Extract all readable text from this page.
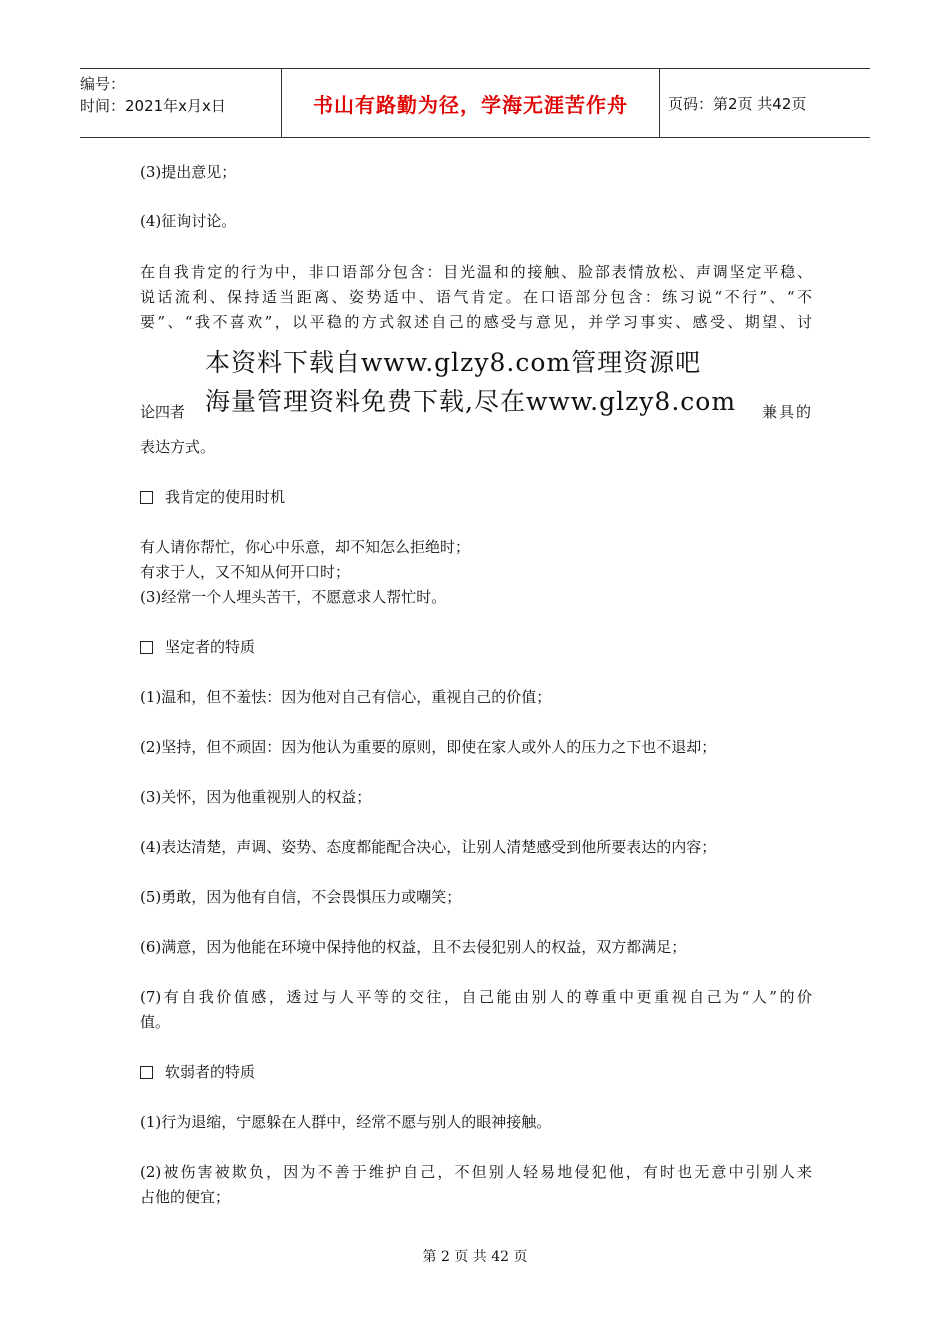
编号：
时间：2021年x月x日	书山有路勤为径，学海无涯苦作舟	页码：第2页 共42页
(3)提出意见；
(4)征询讨论。
在自我肯定的行为中，非口语部分包含：目光温和的接触、脸部表情放松、声调坚定平稳、
说话流利、保持适当距离、姿势适中、语气肯定。在口语部分包含：练习说“不行”、“不
要”、“我不喜欢”，以平稳的方式叙述自己的感受与意见，并学习事实、感受、期望、讨
论四者	兼具的
表达方式。
我肯定的使用时机
有人请你帮忙，你心中乐意，却不知怎么拒绝时；
有求于人，又不知从何开口时；
(3)经常一个人埋头苦干，不愿意求人帮忙时。
坚定者的特质
(1)温和，但不羞怯：因为他对自己有信心，重视自己的价值；
(2)坚持，但不顽固：因为他认为重要的原则，即使在家人或外人的压力之下也不退却；
(3)关怀，因为他重视别人的权益；
(4)表达清楚，声调、姿势、态度都能配合决心，让别人清楚感受到他所要表达的内容；
(5)勇敢，因为他有自信，不会畏惧压力或嘲笑；
(6)满意，因为他能在环境中保持他的权益，且不去侵犯别人的权益，双方都满足；
(7)有自我价值感，透过与人平等的交往，自己能由别人的尊重中更重视自己为“人”的价
值。
软弱者的特质
(1)行为退缩，宁愿躲在人群中，经常不愿与别人的眼神接触。
(2)被伤害被欺负，因为不善于维护自己，不但别人轻易地侵犯他，有时也无意中引别人来
占他的便宜；
本资料下载自www.glzy8.com管理资源吧
海量管理资料免费下载,尽在www.glzy8.com
第 2 页 共 42 页
